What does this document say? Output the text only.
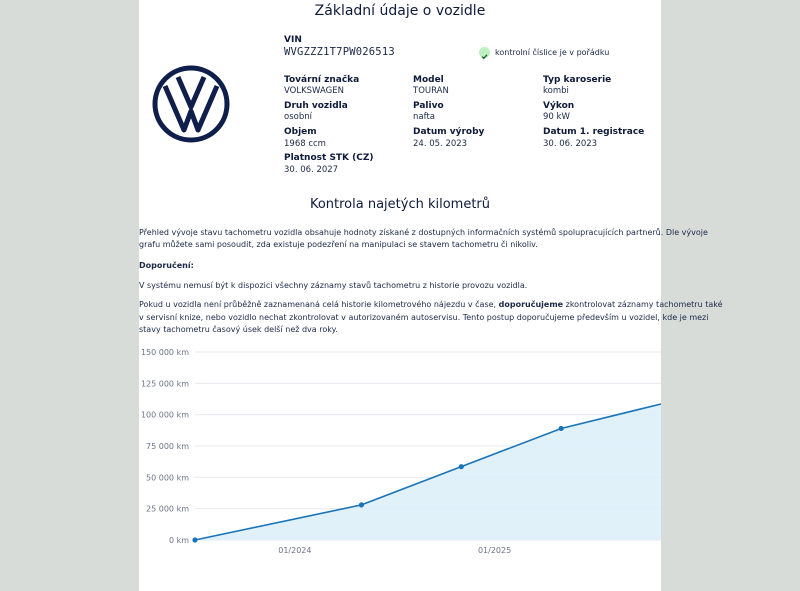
Základní údaje o vozidle
VIN
WVGZZZ1T7PW026513	kontrolní číslice je v pořádku
Tovární značka
VOLKSWAGEN
Druh vozidla
osobní
Objem
1968 ccm
Platnost STK (CZ)
30. 06. 2027
Model
TOURAN
Palivo
nafta
Datum výroby
24. 05. 2023
Typ karoserie
kombi
Výkon
90 kW
Datum 1. registrace
30. 06. 2023
Kontrola najetých kilometrů

Přehled vývoje stavu tachometru vozidla obsahuje hodnoty získané z dostupných informačních systémů spolupracujících partnerů. Dle vývoje

grafu můžete sami posoudit, zda existuje podezření na manipulaci se stavem tachometru či nikoliv.

Doporučení:

V systému nemusí být k dispozici všechny záznamy stavů tachometru z historie provozu vozidla.

Pokud u vozidla není průběžně zaznamenaná celá historie kilometrového nájezdu v čase, doporučujeme zkontrolovat záznamy tachometru také

v servisní knize, nebo vozidlo nechat zkontrolovat v autorizovaném autoservisu. Tento postup doporučujeme především u vozidel, kde je mezi

stavy tachometru časový úsek delší než dva roky.

0 km
25 000 km
50 000 km
75 000 km
100 000 km
125 000 km
150 000 km
01/2024	01/2025
